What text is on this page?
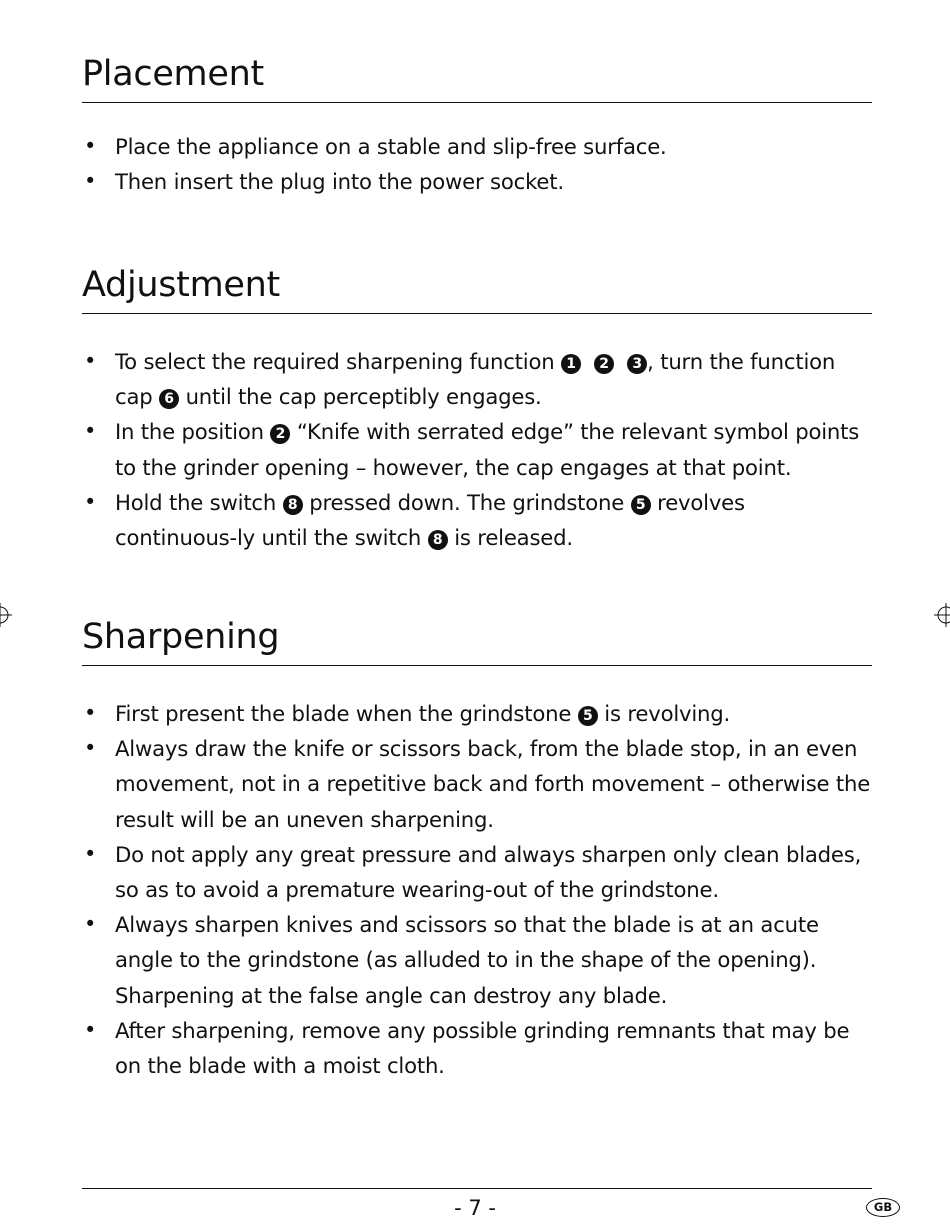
Placement
• Place the appliance on a stable and slip-free surface.
• Then insert the plug into the power socket.
Adjustment
• To select the required sharpening function 1 2 3 , turn the function cap 6 until the cap perceptibly engages.
• In the position 2 “Knife with serrated edge” the relevant symbol points to the grinder opening – however, the cap engages at that point.
• Hold the switch 8 pressed down. The grindstone 5 revolves continuous-ly until the switch 8 is released.
Sharpening
• First present the blade when the grindstone 5 is revolving.
• Always draw the knife or scissors back, from the blade stop, in an even movement, not in a repetitive back and forth movement – otherwise the result will be an uneven sharpening.
• Do not apply any great pressure and always sharpen only clean blades, so as to avoid a premature wearing-out of the grindstone.
• Always sharpen knives and scissors so that the blade is at an acute angle to the grindstone (as alluded to in the shape of the opening). Sharpening at the false angle can destroy any blade.
• After sharpening, remove any possible grinding remnants that may be on the blade with a moist cloth.
- 7 -	GB
